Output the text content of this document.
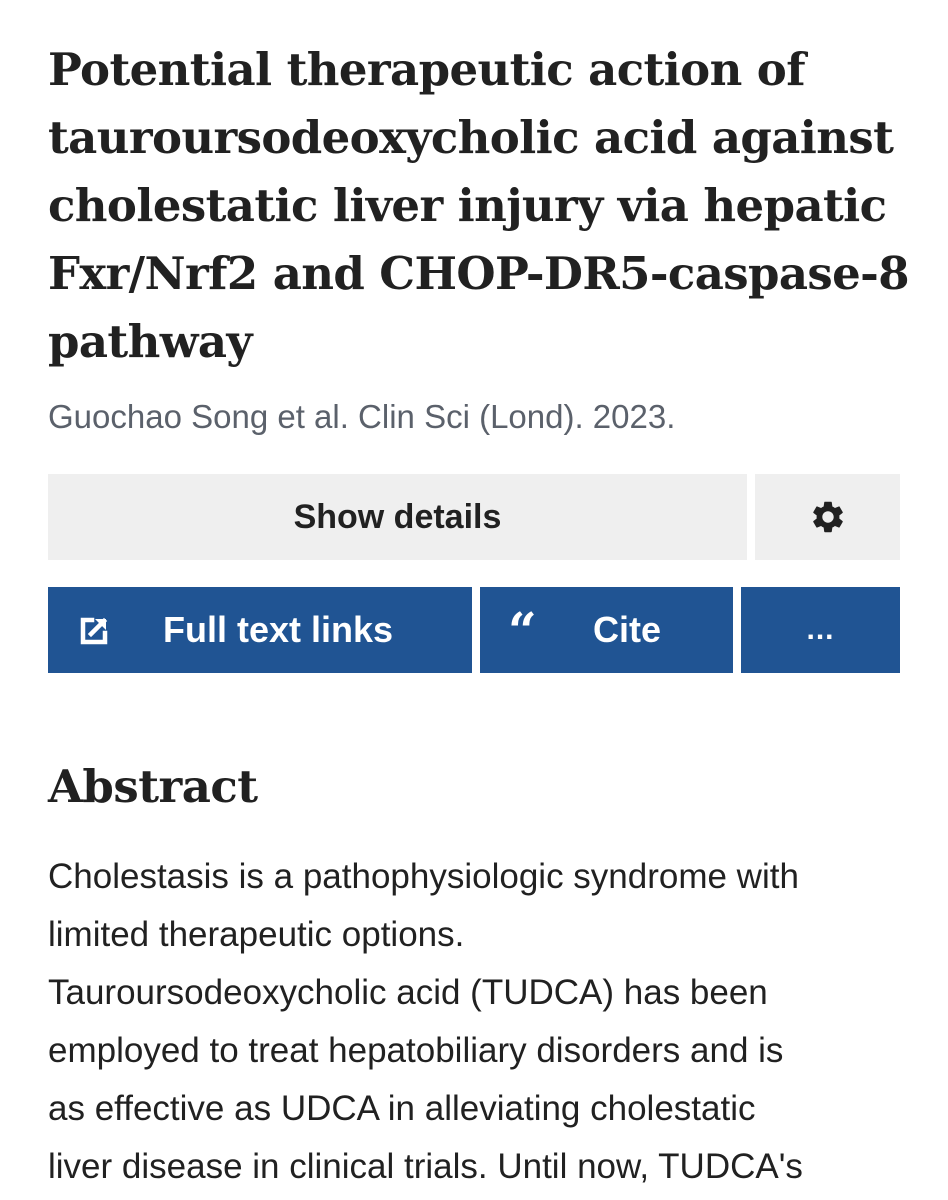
Potential therapeutic action of tauroursodeoxycholic acid against cholestatic liver injury via hepatic Fxr/Nrf2 and CHOP-DR5-caspase-8 pathway
Guochao Song et al. Clin Sci (Lond). 2023.
Show details
Full text links “ Cite	...
Abstract

Cholestasis is a pathophysiologic syndrome with
limited therapeutic options.
Tauroursodeoxycholic acid (TUDCA) has been
employed to treat hepatobiliary disorders and is
as effective as UDCA in alleviating cholestatic
liver disease in clinical trials. Until now, TUDCA's
